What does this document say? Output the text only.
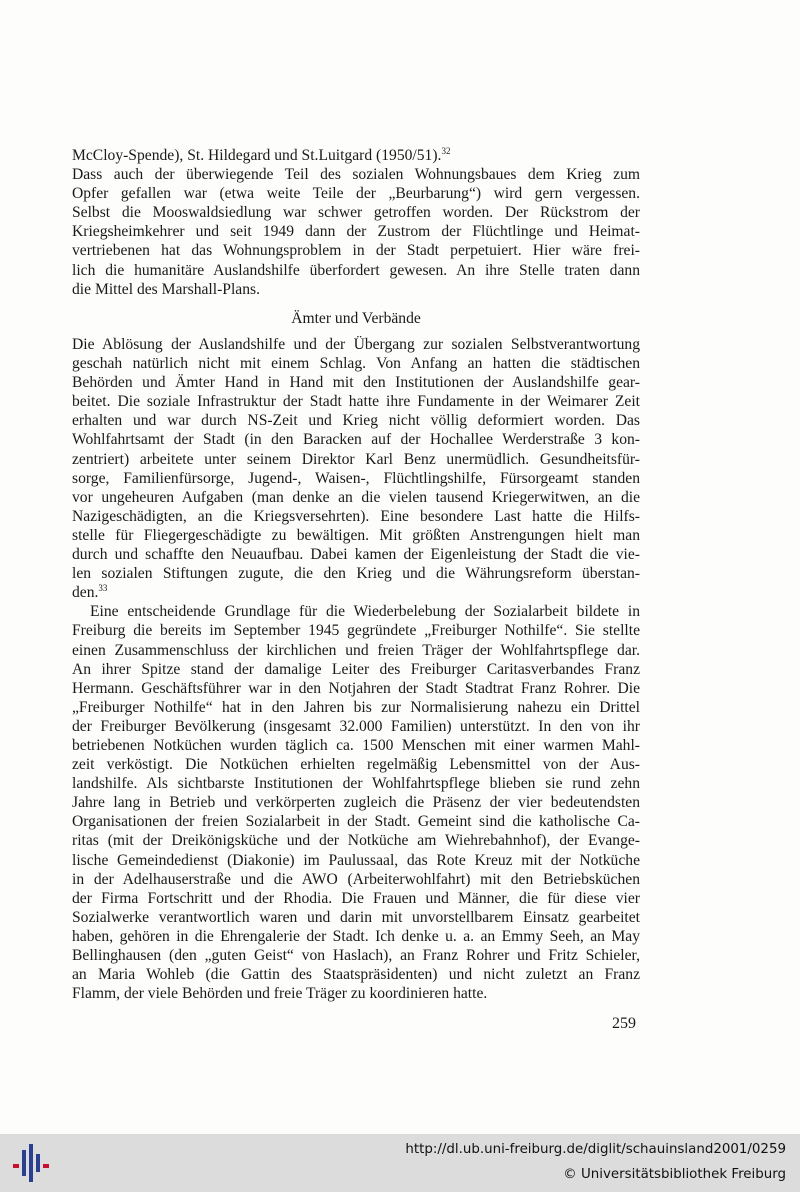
McCloy-Spende), St. Hildegard und St.Luitgard (1950/51).$^{32}$
Dass auch der überwiegende Teil des sozialen Wohnungsbaues dem Krieg zum
Opfer gefallen war (etwa weite Teile der „Beurbarung“) wird gern vergessen.
Selbst die Mooswaldsiedlung war schwer getroffen worden. Der Rückstrom der
Kriegsheimkehrer und seit 1949 dann der Zustrom der Flüchtlinge und Heimat-
vertriebenen hat das Wohnungsproblem in der Stadt perpetuiert. Hier wäre frei-
lich die humanitäre Auslandshilfe überfordert gewesen. An ihre Stelle traten dann
die Mittel des Marshall-Plans.
Ämter und Verbände
Die Ablösung der Auslandshilfe und der Übergang zur sozialen Selbstverantwortung
geschah natürlich nicht mit einem Schlag. Von Anfang an hatten die städtischen
Behörden und Ämter Hand in Hand mit den Institutionen der Auslandshilfe gear-
beitet. Die soziale Infrastruktur der Stadt hatte ihre Fundamente in der Weimarer Zeit
erhalten und war durch NS-Zeit und Krieg nicht völlig deformiert worden. Das
Wohlfahrtsamt der Stadt (in den Baracken auf der Hochallee Werderstraße 3 kon-
zentriert) arbeitete unter seinem Direktor Karl Benz unermüdlich. Gesundheitsfür-
sorge, Familienfürsorge, Jugend-, Waisen-, Flüchtlingshilfe, Fürsorgeamt standen
vor ungeheuren Aufgaben (man denke an die vielen tausend Kriegerwitwen, an die
Nazigeschädigten, an die Kriegsversehrten). Eine besondere Last hatte die Hilfs-
stelle für Fliegergeschädigte zu bewältigen. Mit größten Anstrengungen hielt man
durch und schaffte den Neuaufbau. Dabei kamen der Eigenleistung der Stadt die vie-
len sozialen Stiftungen zugute, die den Krieg und die Währungsreform überstan-
den.$^{33}$
Eine entscheidende Grundlage für die Wiederbelebung der Sozialarbeit bildete in
Freiburg die bereits im September 1945 gegründete „Freiburger Nothilfe“. Sie stellte
einen Zusammenschluss der kirchlichen und freien Träger der Wohlfahrtspflege dar.
An ihrer Spitze stand der damalige Leiter des Freiburger Caritasverbandes Franz
Hermann. Geschäftsführer war in den Notjahren der Stadt Stadtrat Franz Rohrer. Die
„Freiburger Nothilfe“ hat in den Jahren bis zur Normalisierung nahezu ein Drittel
der Freiburger Bevölkerung (insgesamt 32.000 Familien) unterstützt. In den von ihr
betriebenen Notküchen wurden täglich ca. 1500 Menschen mit einer warmen Mahl-
zeit verköstigt. Die Notküchen erhielten regelmäßig Lebensmittel von der Aus-
landshilfe. Als sichtbarste Institutionen der Wohlfahrtspflege blieben sie rund zehn
Jahre lang in Betrieb und verkörperten zugleich die Präsenz der vier bedeutendsten
Organisationen der freien Sozialarbeit in der Stadt. Gemeint sind die katholische Ca-
ritas (mit der Dreikönigsküche und der Notküche am Wiehrebahnhof), der Evange-
lische Gemeindedienst (Diakonie) im Paulussaal, das Rote Kreuz mit der Notküche
in der Adelhauserstraße und die AWO (Arbeiterwohlfahrt) mit den Betriebsküchen
der Firma Fortschritt und der Rhodia. Die Frauen und Männer, die für diese vier
Sozialwerke verantwortlich waren und darin mit unvorstellbarem Einsatz gearbeitet
haben, gehören in die Ehrengalerie der Stadt. Ich denke u. a. an Emmy Seeh, an May
Bellinghausen (den „guten Geist“ von Haslach), an Franz Rohrer und Fritz Schieler,
an Maria Wohleb (die Gattin des Staatspräsidenten) und nicht zuletzt an Franz
Flamm, der viele Behörden und freie Träger zu koordinieren hatte.
259
http://dl.ub.uni-freiburg.de/diglit/schauinsland2001/0259
© Universitätsbibliothek Freiburg
